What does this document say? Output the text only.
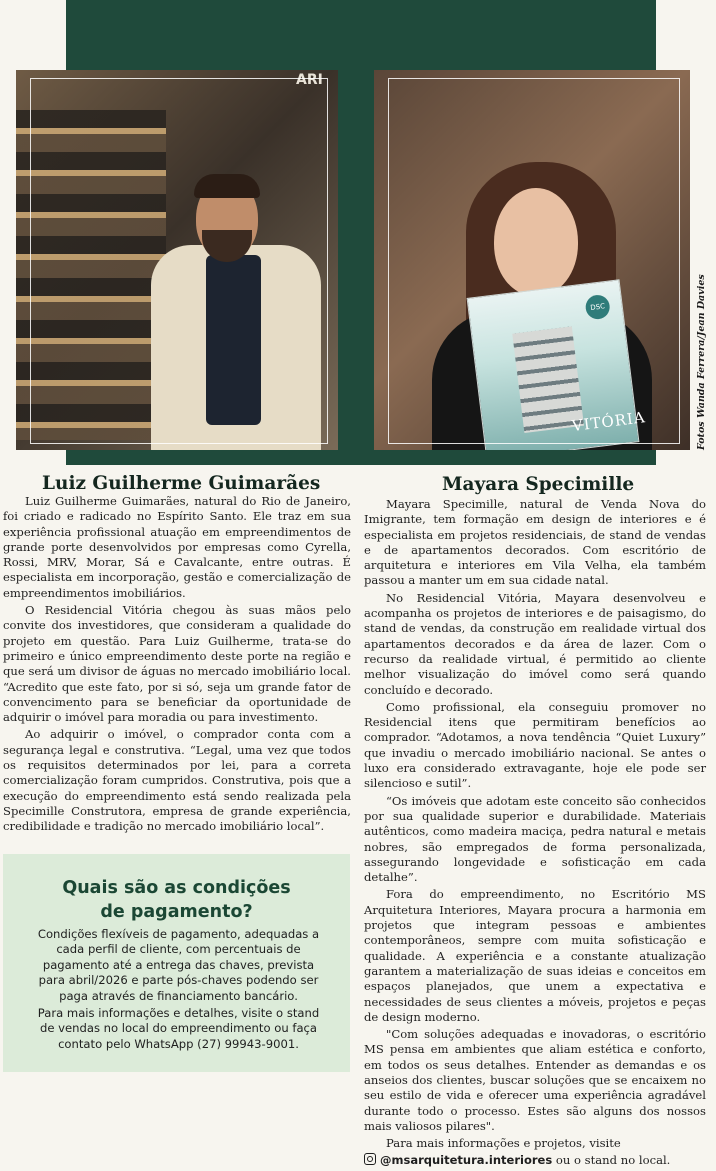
ARI
DSC
VITÓRIA	Fotos Wanda Ferrera/Jean Davies
Luiz Guilherme Guimarães	Mayara Specimille

Luiz Guilherme Guimarães, natural do Rio de Janeiro, foi criado e radicado no Espírito Santo. Ele traz em sua experiência profissional atuação em empreendimentos de grande porte desenvolvidos por empresas como Cyrella, Rossi, MRV, Morar, Sá e Cavalcante, entre outras. É especialista em incorporação, gestão e comercialização de empreendimentos imobiliários.

O Residencial Vitória chegou às suas mãos pelo convite dos investidores, que consideram a qualidade do projeto em questão. Para Luiz Guilherme, trata-se do primeiro e único empreendimento deste porte na região e que será um divisor de águas no mercado imobiliário local. “Acredito que este fato, por si só, seja um grande fator de convencimento para se beneficiar da oportunidade de adquirir o imóvel para moradia ou para investimento.

Ao adquirir o imóvel, o comprador conta com a segurança legal e construtiva. “Legal, uma vez que todos os requisitos determinados por lei, para a correta comercialização foram cumpridos. Construtiva, pois que a execução do empreendimento está sendo realizada pela Specimille Construtora, empresa de grande experiência, credibilidade e tradição no mercado imobiliário local”.

Quais são as condições
de pagamento?

Condições flexíveis de pagamento, adequadas a cada perfil de cliente, com percentuais de pagamento até a entrega das chaves, prevista para abril/2026 e parte pós-chaves podendo ser paga através de financiamento bancário.

Para mais informações e detalhes, visite o stand de vendas no local do empreendimento ou faça contato pelo WhatsApp (27) 99943-9001.

Mayara Specimille, natural de Venda Nova do Imigrante, tem formação em design de interiores e é especialista em projetos residenciais, de stand de vendas e de apartamentos decorados. Com escritório de arquitetura e interiores em Vila Velha, ela também passou a manter um em sua cidade natal.

No Residencial Vitória, Mayara desenvolveu e acompanha os projetos de interiores e de paisagismo, do stand de vendas, da construção em realidade virtual dos apartamentos decorados e da área de lazer. Com o recurso da realidade virtual, é permitido ao cliente melhor visualização do imóvel como será quando concluído e decorado.

Como profissional, ela conseguiu promover no Residencial itens que permitiram benefícios ao comprador. “Adotamos, a nova tendência “Quiet Luxury” que invadiu o mercado imobiliário nacional. Se antes o luxo era considerado extravagante, hoje ele pode ser silencioso e sutil”.

“Os imóveis que adotam este conceito são conhecidos por sua qualidade superior e durabilidade. Materiais autênticos, como madeira maciça, pedra natural e metais nobres, são empregados de forma personalizada, assegurando longevidade e sofisticação em cada detalhe”.

Fora do empreendimento, no Escritório MS Arquitetura Interiores, Mayara procura a harmonia em projetos que integram pessoas e ambientes contemporâneos, sempre com muita sofisticação e qualidade. A experiência e a constante atualização garantem a materialização de suas ideias e conceitos em espaços planejados, que unem a expectativa e necessidades de seus clientes a móveis, projetos e peças de design moderno.

"Com soluções adequadas e inovadoras, o escritório MS pensa em ambientes que aliam estética e conforto, em todos os seus detalhes. Entender as demandas e os anseios dos clientes, buscar soluções que se encaixem no seu estilo de vida e oferecer uma experiência agradável durante todo o processo. Estes são alguns dos nossos mais valiosos pilares".

Para mais informações e projetos, visite

@msarquitetura.interiores ou o stand no local.
